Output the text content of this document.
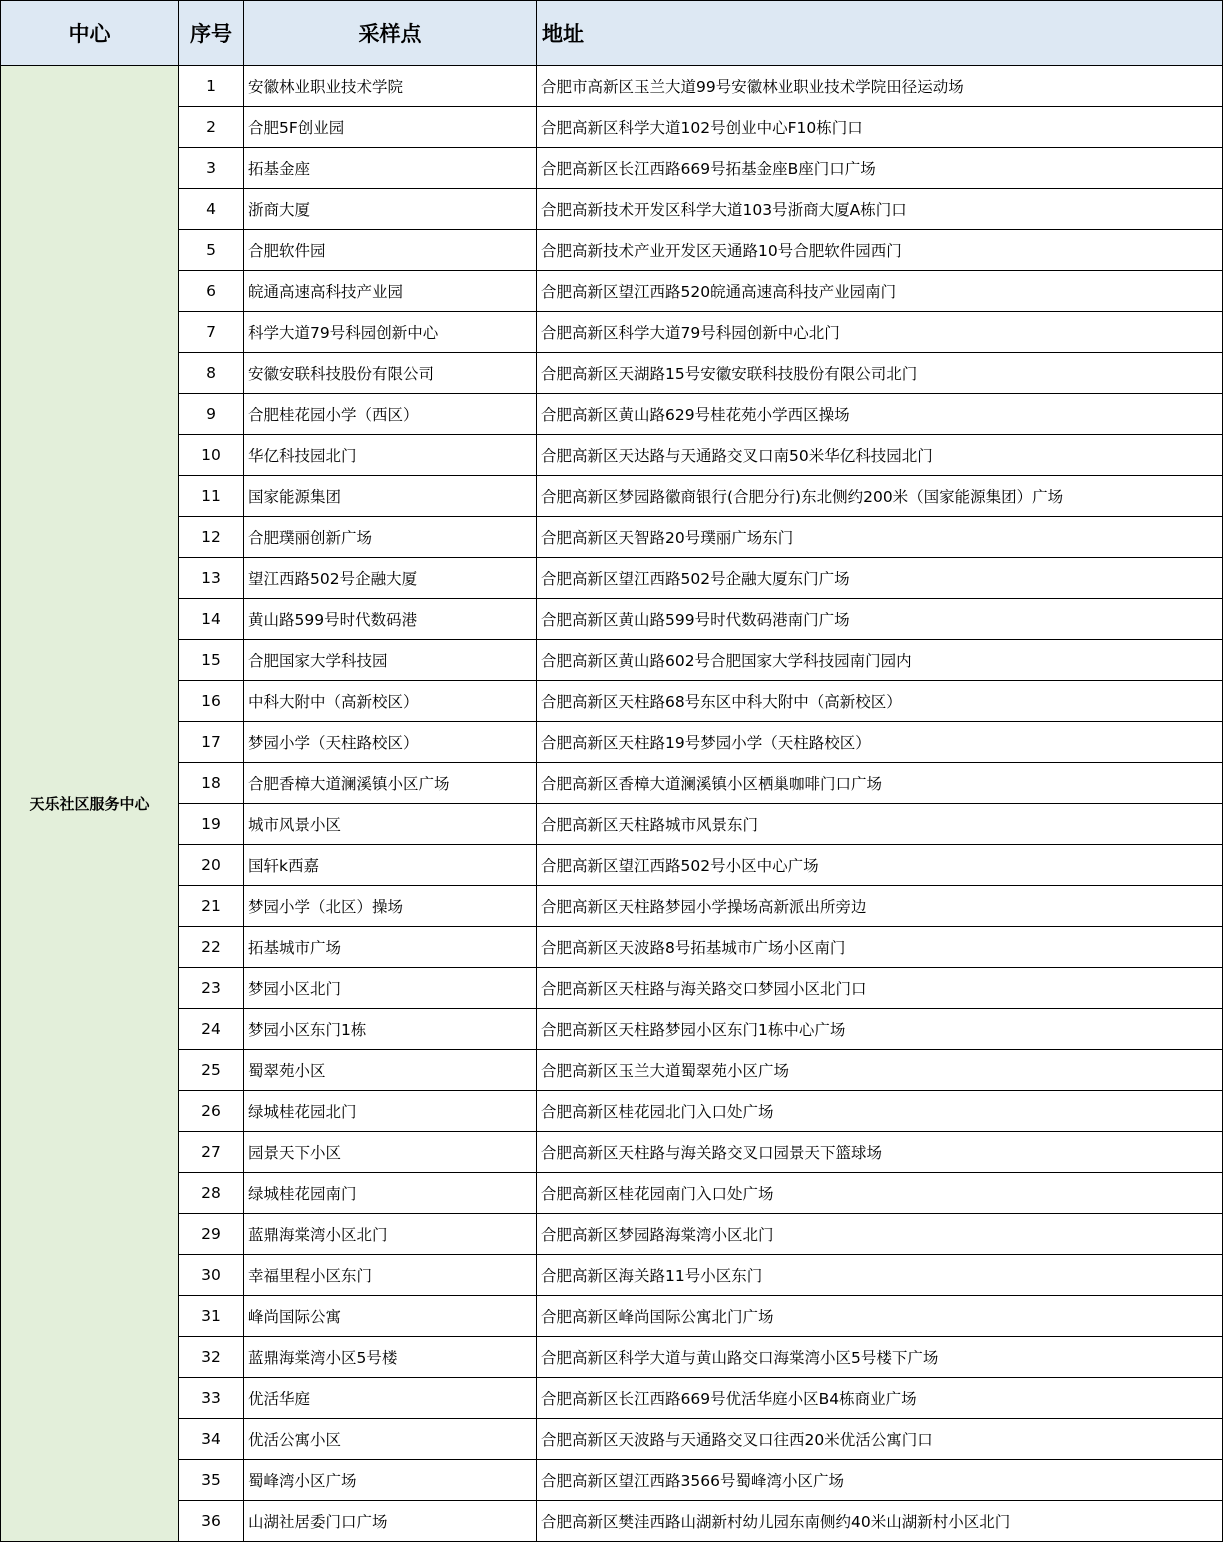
中心	序号	采样点	地址
天乐社区服务中心	1	安徽林业职业技术学院	合肥市高新区玉兰大道99号安徽林业职业技术学院田径运动场
	2	合肥5F创业园	合肥高新区科学大道102号创业中心F10栋门口
	3	拓基金座	合肥高新区长江西路669号拓基金座B座门口广场
	4	浙商大厦	合肥高新技术开发区科学大道103号浙商大厦A栋门口
	5	合肥软件园	合肥高新技术产业开发区天通路10号合肥软件园西门
	6	皖通高速高科技产业园	合肥高新区望江西路520皖通高速高科技产业园南门
	7	科学大道79号科园创新中心	合肥高新区科学大道79号科园创新中心北门
	8	安徽安联科技股份有限公司	合肥高新区天湖路15号安徽安联科技股份有限公司北门
	9	合肥桂花园小学（西区）	合肥高新区黄山路629号桂花苑小学西区操场
	10	华亿科技园北门	合肥高新区天达路与天通路交叉口南50米华亿科技园北门
	11	国家能源集团	合肥高新区梦园路徽商银行(合肥分行)东北侧约200米（国家能源集团）广场
	12	合肥璞丽创新广场	合肥高新区天智路20号璞丽广场东门
	13	望江西路502号企融大厦	合肥高新区望江西路502号企融大厦东门广场
	14	黄山路599号时代数码港	合肥高新区黄山路599号时代数码港南门广场
	15	合肥国家大学科技园	合肥高新区黄山路602号合肥国家大学科技园南门园内
	16	中科大附中（高新校区）	合肥高新区天柱路68号东区中科大附中（高新校区）
	17	梦园小学（天柱路校区）	合肥高新区天柱路19号梦园小学（天柱路校区）
	18	合肥香樟大道澜溪镇小区广场	合肥高新区香樟大道澜溪镇小区栖巢咖啡门口广场
	19	城市风景小区	合肥高新区天柱路城市风景东门
	20	国轩k西嘉	合肥高新区望江西路502号小区中心广场
	21	梦园小学（北区）操场	合肥高新区天柱路梦园小学操场高新派出所旁边
	22	拓基城市广场	合肥高新区天波路8号拓基城市广场小区南门
	23	梦园小区北门	合肥高新区天柱路与海关路交口梦园小区北门口
	24	梦园小区东门1栋	合肥高新区天柱路梦园小区东门1栋中心广场
	25	蜀翠苑小区	合肥高新区玉兰大道蜀翠苑小区广场
	26	绿城桂花园北门	合肥高新区桂花园北门入口处广场
	27	园景天下小区	合肥高新区天柱路与海关路交叉口园景天下篮球场
	28	绿城桂花园南门	合肥高新区桂花园南门入口处广场
	29	蓝鼎海棠湾小区北门	合肥高新区梦园路海棠湾小区北门
	30	幸福里程小区东门	合肥高新区海关路11号小区东门
	31	峰尚国际公寓	合肥高新区峰尚国际公寓北门广场
	32	蓝鼎海棠湾小区5号楼	合肥高新区科学大道与黄山路交口海棠湾小区5号楼下广场
	33	优活华庭	合肥高新区长江西路669号优活华庭小区B4栋商业广场
	34	优活公寓小区	合肥高新区天波路与天通路交叉口往西20米优活公寓门口
	35	蜀峰湾小区广场	合肥高新区望江西路3566号蜀峰湾小区广场
	36	山湖社居委门口广场	合肥高新区樊洼西路山湖新村幼儿园东南侧约40米山湖新村小区北门
